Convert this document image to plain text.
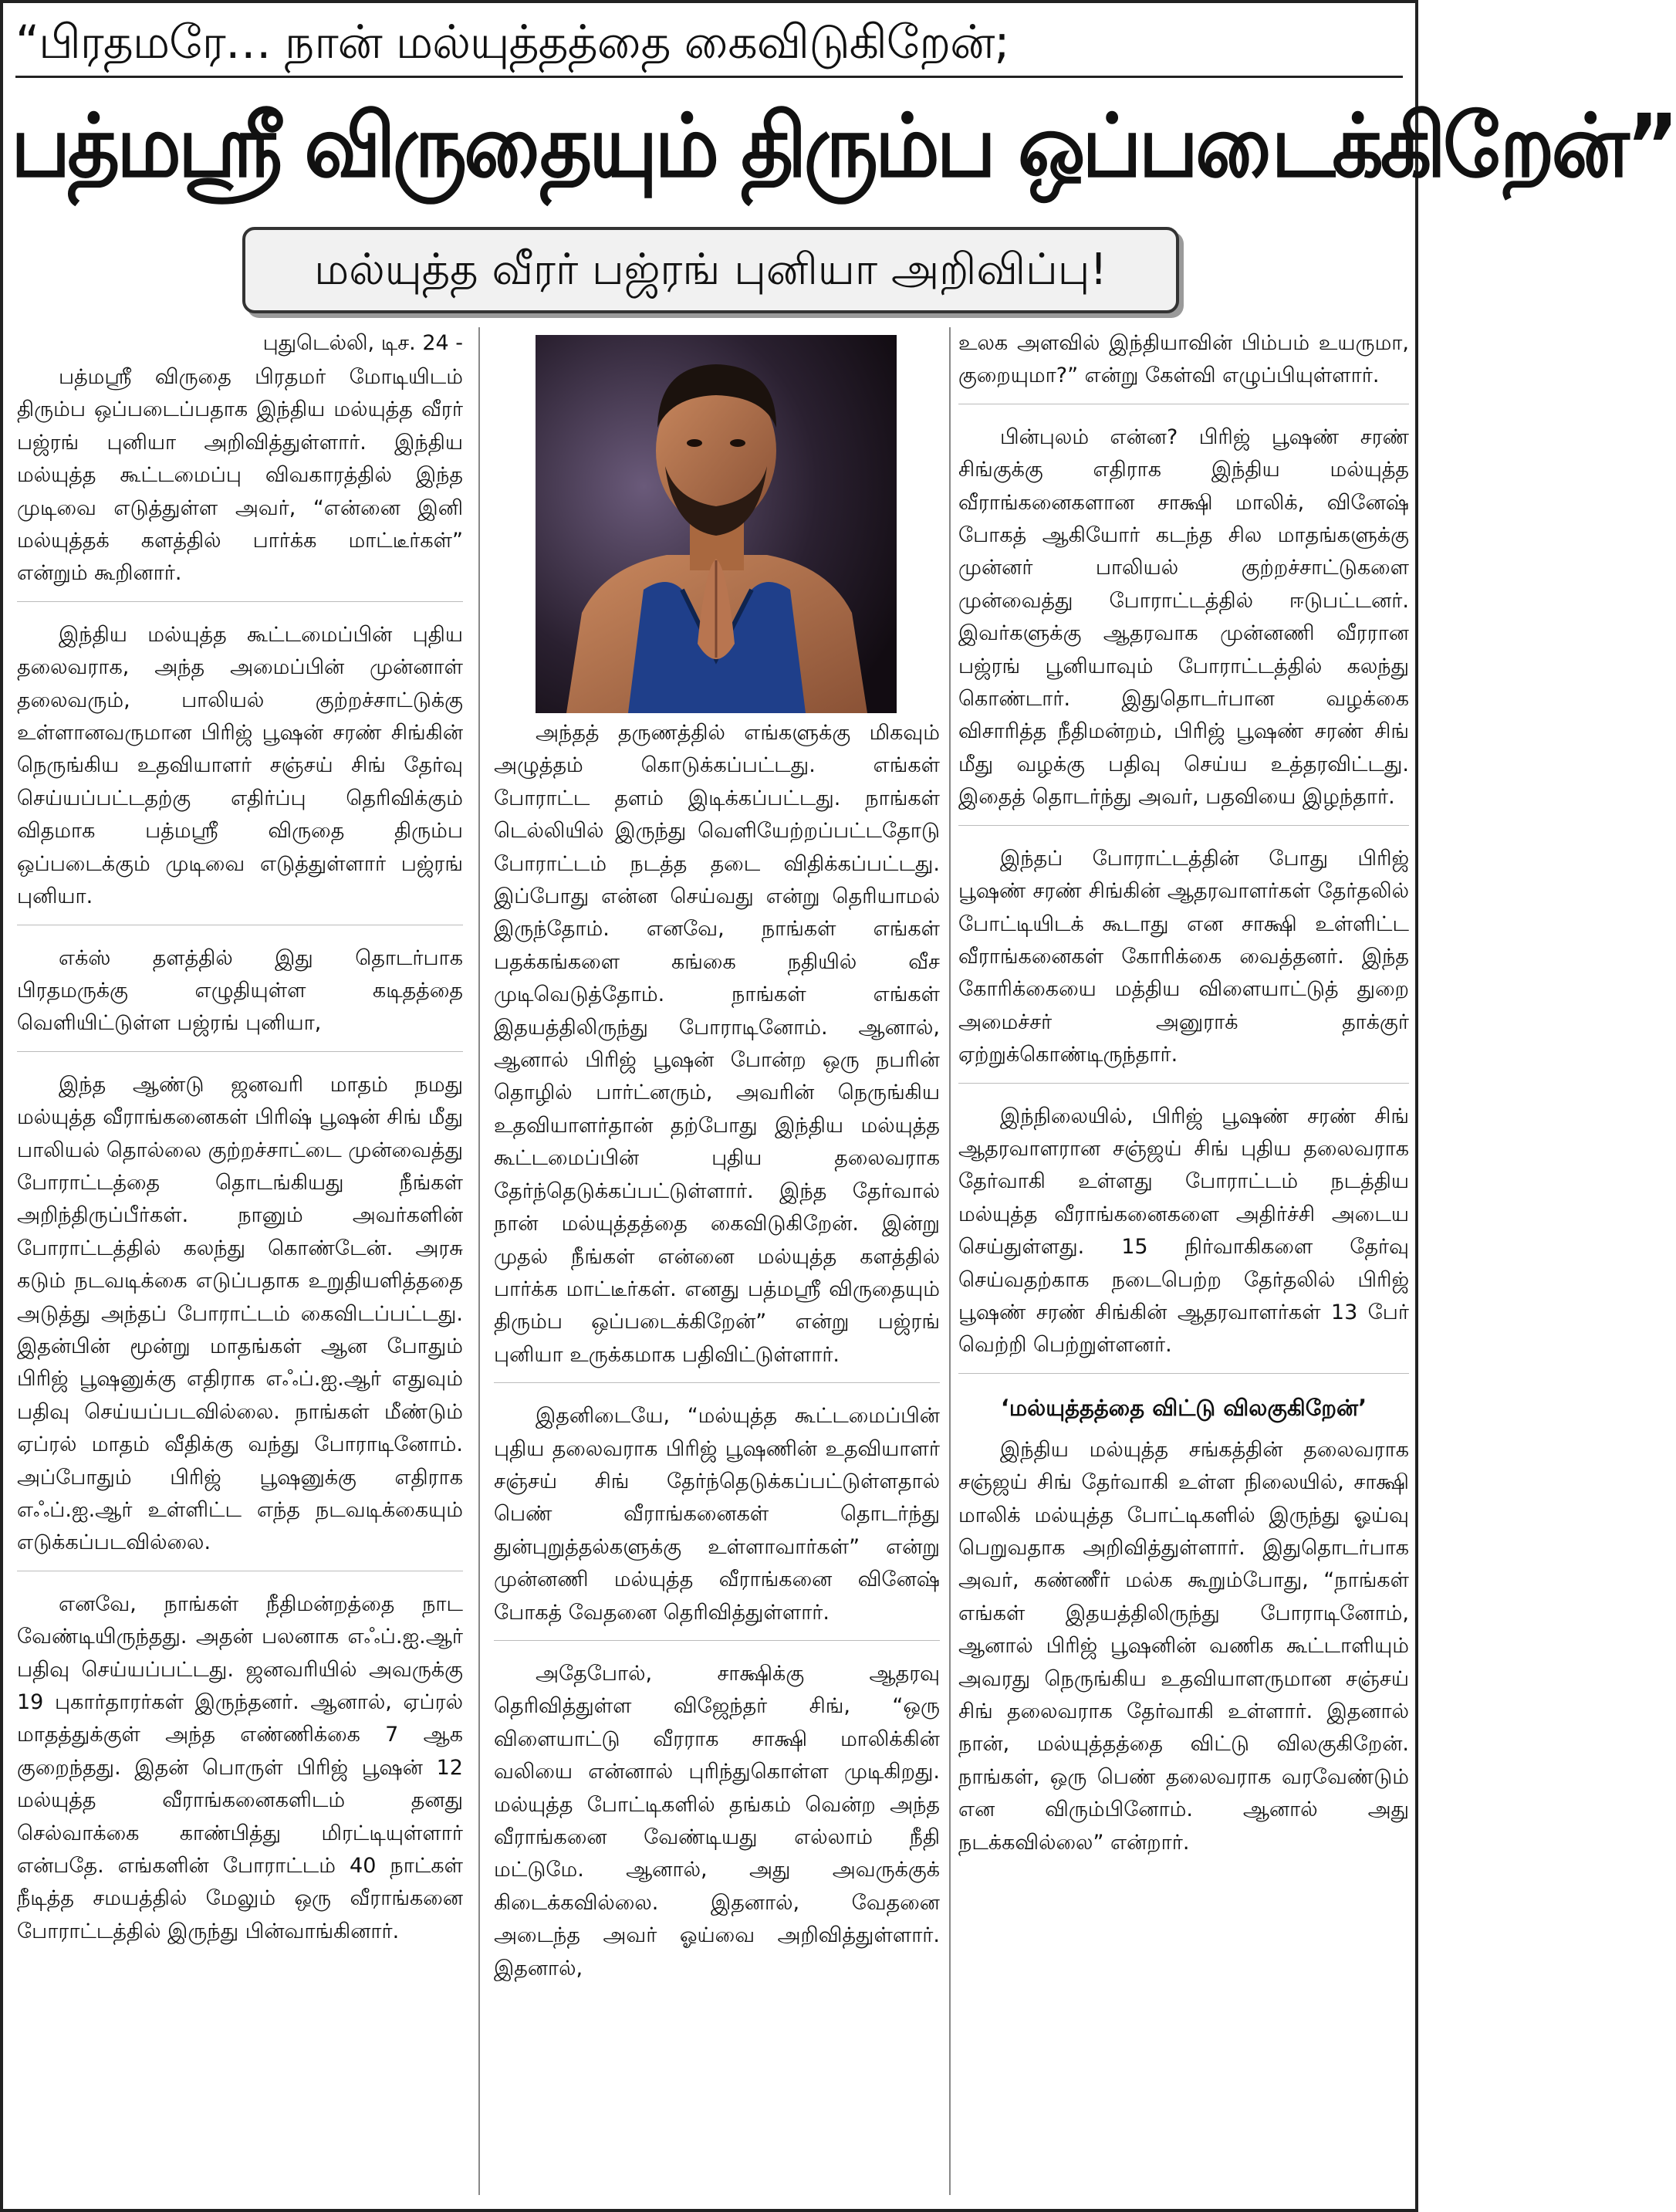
“பிரதமரே… நான் மல்யுத்தத்தை கைவிடுகிறேன்;
பத்மஸ்ரீ விருதையும் திரும்ப ஒப்படைக்கிறேன்”
மல்யுத்த வீரர் பஜ்ரங் புனியா அறிவிப்பு!
புதுடெல்லி, டிச. 24 -

பத்மஸ்ரீ விருதை பிரதமர் மோடியிடம் திரும்ப ஒப்படைப்பதாக இந்திய மல்யுத்த வீரர் பஜ்ரங் புனியா அறிவித்துள்ளார். இந்திய மல்யுத்த கூட்டமைப்பு விவகாரத்தில் இந்த முடிவை எடுத்துள்ள அவர், “என்னை இனி மல்யுத்தக் களத்தில் பார்க்க மாட்டீர்கள்” என்றும் கூறினார்.

இந்திய மல்யுத்த கூட்டமைப்பின் புதிய தலைவராக, அந்த அமைப்பின் முன்னாள் தலைவரும், பாலியல் குற்றச்சாட்டுக்கு உள்ளானவருமான பிரிஜ் பூஷன் சரண் சிங்கின் நெருங்கிய உதவியாளர் சஞ்சய் சிங் தேர்வு செய்யப்பட்டதற்கு எதிர்ப்பு தெரிவிக்கும் விதமாக பத்மஸ்ரீ விருதை திரும்ப ஒப்படைக்கும் முடிவை எடுத்துள்ளார் பஜ்ரங் புனியா.

எக்ஸ் தளத்தில் இது தொடர்பாக பிரதமருக்கு எழுதியுள்ள கடிதத்தை வெளியிட்டுள்ள பஜ்ரங் புனியா,

இந்த ஆண்டு ஜனவரி மாதம் நமது மல்யுத்த வீராங்கனைகள் பிரிஷ் பூஷன் சிங் மீது பாலியல் தொல்லை குற்றச்சாட்டை முன்வைத்து போராட்டத்தை தொடங்கியது நீங்கள் அறிந்திருப்பீர்கள். நானும் அவர்களின் போராட்டத்தில் கலந்து கொண்டேன். அரசு கடும் நடவடிக்கை எடுப்பதாக உறுதியளித்ததை அடுத்து அந்தப் போராட்டம் கைவிடப்பட்டது. இதன்பின் மூன்று மாதங்கள் ஆன போதும் பிரிஜ் பூஷனுக்கு எதிராக எஃப்.ஐ.ஆர் எதுவும் பதிவு செய்யப்படவில்லை. நாங்கள் மீண்டும் ஏப்ரல் மாதம் வீதிக்கு வந்து போராடினோம். அப்போதும் பிரிஜ் பூஷனுக்கு எதிராக எஃப்.ஐ.ஆர் உள்ளிட்ட எந்த நடவடிக்கையும் எடுக்கப்படவில்லை.

எனவே, நாங்கள் நீதிமன்றத்தை நாட வேண்டியிருந்தது. அதன் பலனாக எஃப்.ஐ.ஆர் பதிவு செய்யப்பட்டது. ஜனவரியில் அவருக்கு 19 புகார்தாரர்கள் இருந்தனர். ஆனால், ஏப்ரல் மாதத்துக்குள் அந்த எண்ணிக்கை 7 ஆக குறைந்தது. இதன் பொருள் பிரிஜ் பூஷன் 12 மல்யுத்த வீராங்கனைகளிடம் தனது செல்வாக்கை காண்பித்து மிரட்டியுள்ளார் என்பதே. எங்களின் போராட்டம் 40 நாட்கள் நீடித்த சமயத்தில் மேலும் ஒரு வீராங்கனை போராட்டத்தில் இருந்து பின்வாங்கினார்.

அந்தத் தருணத்தில் எங்களுக்கு மிகவும் அழுத்தம் கொடுக்கப்பட்டது. எங்கள் போராட்ட தளம் இடிக்கப்பட்டது. நாங்கள் டெல்லியில் இருந்து வெளியேற்றப்பட்டதோடு போராட்டம் நடத்த தடை விதிக்கப்பட்டது. இப்போது என்ன செய்வது என்று தெரியாமல் இருந்தோம். எனவே, நாங்கள் எங்கள் பதக்கங்களை கங்கை நதியில் வீச முடிவெடுத்தோம். நாங்கள் எங்கள் இதயத்திலிருந்து போராடினோம். ஆனால், ஆனால் பிரிஜ் பூஷன் போன்ற ஒரு நபரின் தொழில் பார்ட்னரும், அவரின் நெருங்கிய உதவியாளர்தான் தற்போது இந்திய மல்யுத்த கூட்டமைப்பின் புதிய தலைவராக தேர்ந்தெடுக்கப்பட்டுள்ளார். இந்த தேர்வால் நான் மல்யுத்தத்தை கைவிடுகிறேன். இன்று முதல் நீங்கள் என்னை மல்யுத்த களத்தில் பார்க்க மாட்டீர்கள். எனது பத்மஸ்ரீ விருதையும் திரும்ப ஒப்படைக்கிறேன்” என்று பஜ்ரங் புனியா உருக்கமாக பதிவிட்டுள்ளார்.

இதனிடையே, “மல்யுத்த கூட்டமைப்பின் புதிய தலைவராக பிரிஜ் பூஷணின் உதவியாளர் சஞ்சய் சிங் தேர்ந்தெடுக்கப்பட்டுள்ளதால் பெண் வீராங்கனைகள் தொடர்ந்து துன்புறுத்தல்களுக்கு உள்ளாவார்கள்” என்று முன்னணி மல்யுத்த வீராங்கனை வினேஷ் போகத் வேதனை தெரிவித்துள்ளார்.

அதேபோல், சாக்ஷிக்கு ஆதரவு தெரிவித்துள்ள விஜேந்தர் சிங், “ஒரு விளையாட்டு வீரராக சாக்ஷி மாலிக்கின் வலியை என்னால் புரிந்துகொள்ள முடிகிறது. மல்யுத்த போட்டிகளில் தங்கம் வென்ற அந்த வீராங்கனை வேண்டியது எல்லாம் நீதி மட்டுமே. ஆனால், அது அவருக்குக் கிடைக்கவில்லை. இதனால், வேதனை அடைந்த அவர் ஓய்வை அறிவித்துள்ளார். இதனால்,

உலக அளவில் இந்தியாவின் பிம்பம் உயருமா, குறையுமா?” என்று கேள்வி எழுப்பியுள்ளார்.

பின்புலம் என்ன? பிரிஜ் பூஷண் சரண் சிங்குக்கு எதிராக இந்திய மல்யுத்த வீராங்கனைகளான சாக்ஷி மாலிக், வினேஷ் போகத் ஆகியோர் கடந்த சில மாதங்களுக்கு முன்னர் பாலியல் குற்றச்சாட்டுகளை முன்வைத்து போராட்டத்தில் ஈடுபட்டனர். இவர்களுக்கு ஆதரவாக முன்னணி வீரரான பஜ்ரங் பூனியாவும் போராட்டத்தில் கலந்து கொண்டார். இதுதொடர்பான வழக்கை விசாரித்த நீதிமன்றம், பிரிஜ் பூஷண் சரண் சிங் மீது வழக்கு பதிவு செய்ய உத்தரவிட்டது. இதைத் தொடர்ந்து அவர், பதவியை இழந்தார்.

இந்தப் போராட்டத்தின் போது பிரிஜ் பூஷண் சரண் சிங்கின் ஆதரவாளர்கள் தேர்தலில் போட்டியிடக் கூடாது என சாக்ஷி உள்ளிட்ட வீராங்கனைகள் கோரிக்கை வைத்தனர். இந்த கோரிக்கையை மத்திய விளையாட்டுத் துறை அமைச்சர் அனுராக் தாக்குர் ஏற்றுக்கொண்டிருந்தார்.

இந்நிலையில், பிரிஜ் பூஷண் சரண் சிங் ஆதரவாளரான சஞ்ஜய் சிங் புதிய தலைவராக தேர்வாகி உள்ளது போராட்டம் நடத்திய மல்யுத்த வீராங்கனைகளை அதிர்ச்சி அடைய செய்துள்ளது. 15 நிர்வாகிகளை தேர்வு செய்வதற்காக நடைபெற்ற தேர்தலில் பிரிஜ் பூஷண் சரண் சிங்கின் ஆதரவாளர்கள் 13 பேர் வெற்றி பெற்றுள்ளனர்.

‘மல்யுத்தத்தை விட்டு விலகுகிறேன்’

இந்திய மல்யுத்த சங்கத்தின் தலைவராக சஞ்ஜய் சிங் தேர்வாகி உள்ள நிலையில், சாக்ஷி மாலிக் மல்யுத்த போட்டிகளில் இருந்து ஓய்வு பெறுவதாக அறிவித்துள்ளார். இதுதொடர்பாக அவர், கண்ணீர் மல்க கூறும்போது, “நாங்கள் எங்கள் இதயத்திலிருந்து போராடினோம், ஆனால் பிரிஜ் பூஷனின் வணிக கூட்டாளியும் அவரது நெருங்கிய உதவியாளருமான சஞ்சய் சிங் தலைவராக தேர்வாகி உள்ளார். இதனால் நான், மல்யுத்தத்தை விட்டு விலகுகிறேன். நாங்கள், ஒரு பெண் தலைவராக வரவேண்டும் என விரும்பினோம். ஆனால் அது நடக்கவில்லை” என்றார்.
